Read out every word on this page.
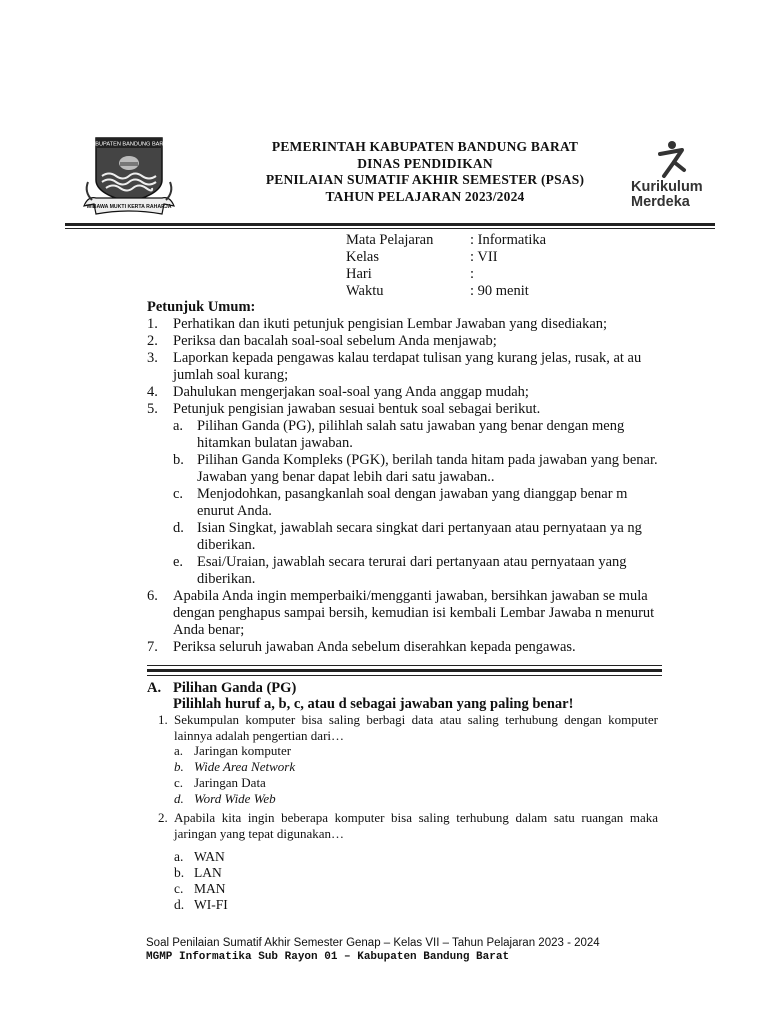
KABUPATEN BANDUNG BARAT
WIBAWA MUKTI KERTA RAHARJA
PEMERINTAH KABUPATEN BANDUNG BARAT
DINAS PENDIDIKAN
PENILAIAN SUMATIF AKHIR SEMESTER (PSAS)
TAHUN PELAJARAN 2023/2024
Kurikulum
Merdeka
Mata Pelajaran	: Informatika
Kelas	: VII
Hari	:
Waktu	: 90 menit
Petunjuk Umum:
1.	Perhatikan dan ikuti petunjuk pengisian Lembar Jawaban yang disediakan;
2.	Periksa dan bacalah soal-soal sebelum Anda menjawab;
3.	Laporkan kepada pengawas kalau terdapat tulisan yang kurang jelas, rusak, at au jumlah soal kurang;
4.	Dahulukan mengerjakan soal-soal yang Anda anggap mudah;
5.	Petunjuk pengisian jawaban sesuai bentuk soal sebagai berikut.
a. Pilihan Ganda (PG), pilihlah salah satu jawaban yang benar dengan meng hitamkan bulatan jawaban.
b. Pilihan Ganda Kompleks (PGK), berilah tanda hitam pada jawaban yang benar. Jawaban yang benar dapat lebih dari satu jawaban..
c. Menjodohkan, pasangkanlah soal dengan jawaban yang dianggap benar m enurut Anda.
d. Isian Singkat, jawablah secara singkat dari pertanyaan atau pernyataan ya ng diberikan.
e. Esai/Uraian, jawablah secara terurai dari pertanyaan atau pernyataan yang diberikan.
6.	Apabila Anda ingin memperbaiki/mengganti jawaban, bersihkan jawaban se mula dengan penghapus sampai bersih, kemudian isi kembali Lembar Jawaba n menurut Anda benar;
7.	Periksa seluruh jawaban Anda sebelum diserahkan kepada pengawas.
A. Pilihan Ganda (PG)
Pilihlah huruf a, b, c, atau d sebagai jawaban yang paling benar!
1. Sekumpulan komputer bisa saling berbagi data atau saling terhubung dengan komputer lainnya adalah pengertian dari…
a. Jaringan komputer
b. Wide Area Network
c. Jaringan Data
d. Word Wide Web
2. Apabila kita ingin beberapa komputer bisa saling terhubung dalam satu ruangan maka jaringan yang tepat digunakan…
a. WAN
b. LAN
c. MAN
d. WI-FI
Soal Penilaian Sumatif Akhir Semester Genap – Kelas VII – Tahun Pelajaran 2023 - 2024
MGMP Informatika Sub Rayon 01 – Kabupaten Bandung Barat
